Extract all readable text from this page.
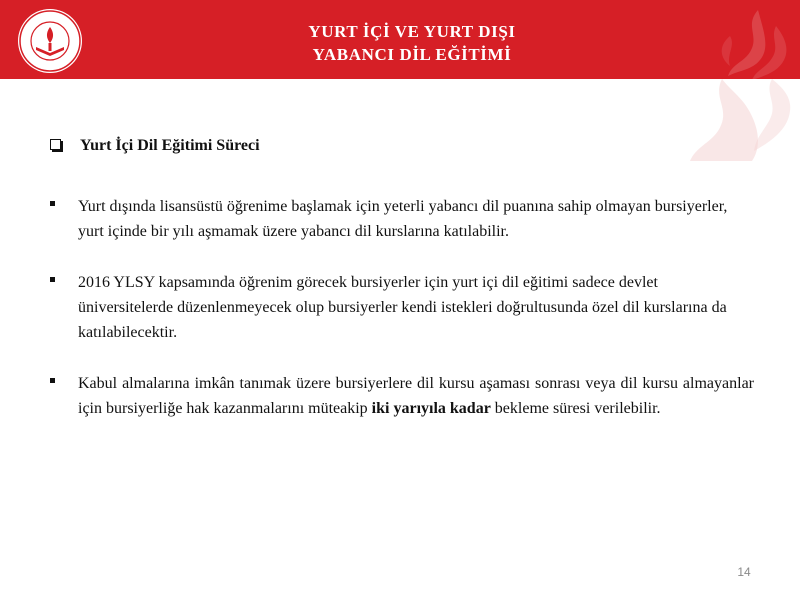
YURT İÇİ VE YURT DIŞI
YABANCI DİL EĞİTİMİ
Yurt İçi Dil Eğitimi Süreci
Yurt dışında lisansüstü öğrenime başlamak için yeterli yabancı dil puanına sahip olmayan bursiyerler, yurt içinde bir yılı aşmamak üzere yabancı dil kurslarına katılabilir.
2016 YLSY kapsamında öğrenim görecek bursiyerler için yurt içi dil eğitimi sadece devlet üniversitelerde düzenlenmeyecek olup bursiyerler kendi istekleri doğrultusunda özel dil kurslarına da katılabilecektir.
Kabul almalarına imkân tanımak üzere bursiyerlere dil kursu aşaması sonrası veya dil kursu almayanlar için bursiyerliğe hak kazanmalarını müteakip iki yarıyıla kadar bekleme süresi verilebilir.
14
